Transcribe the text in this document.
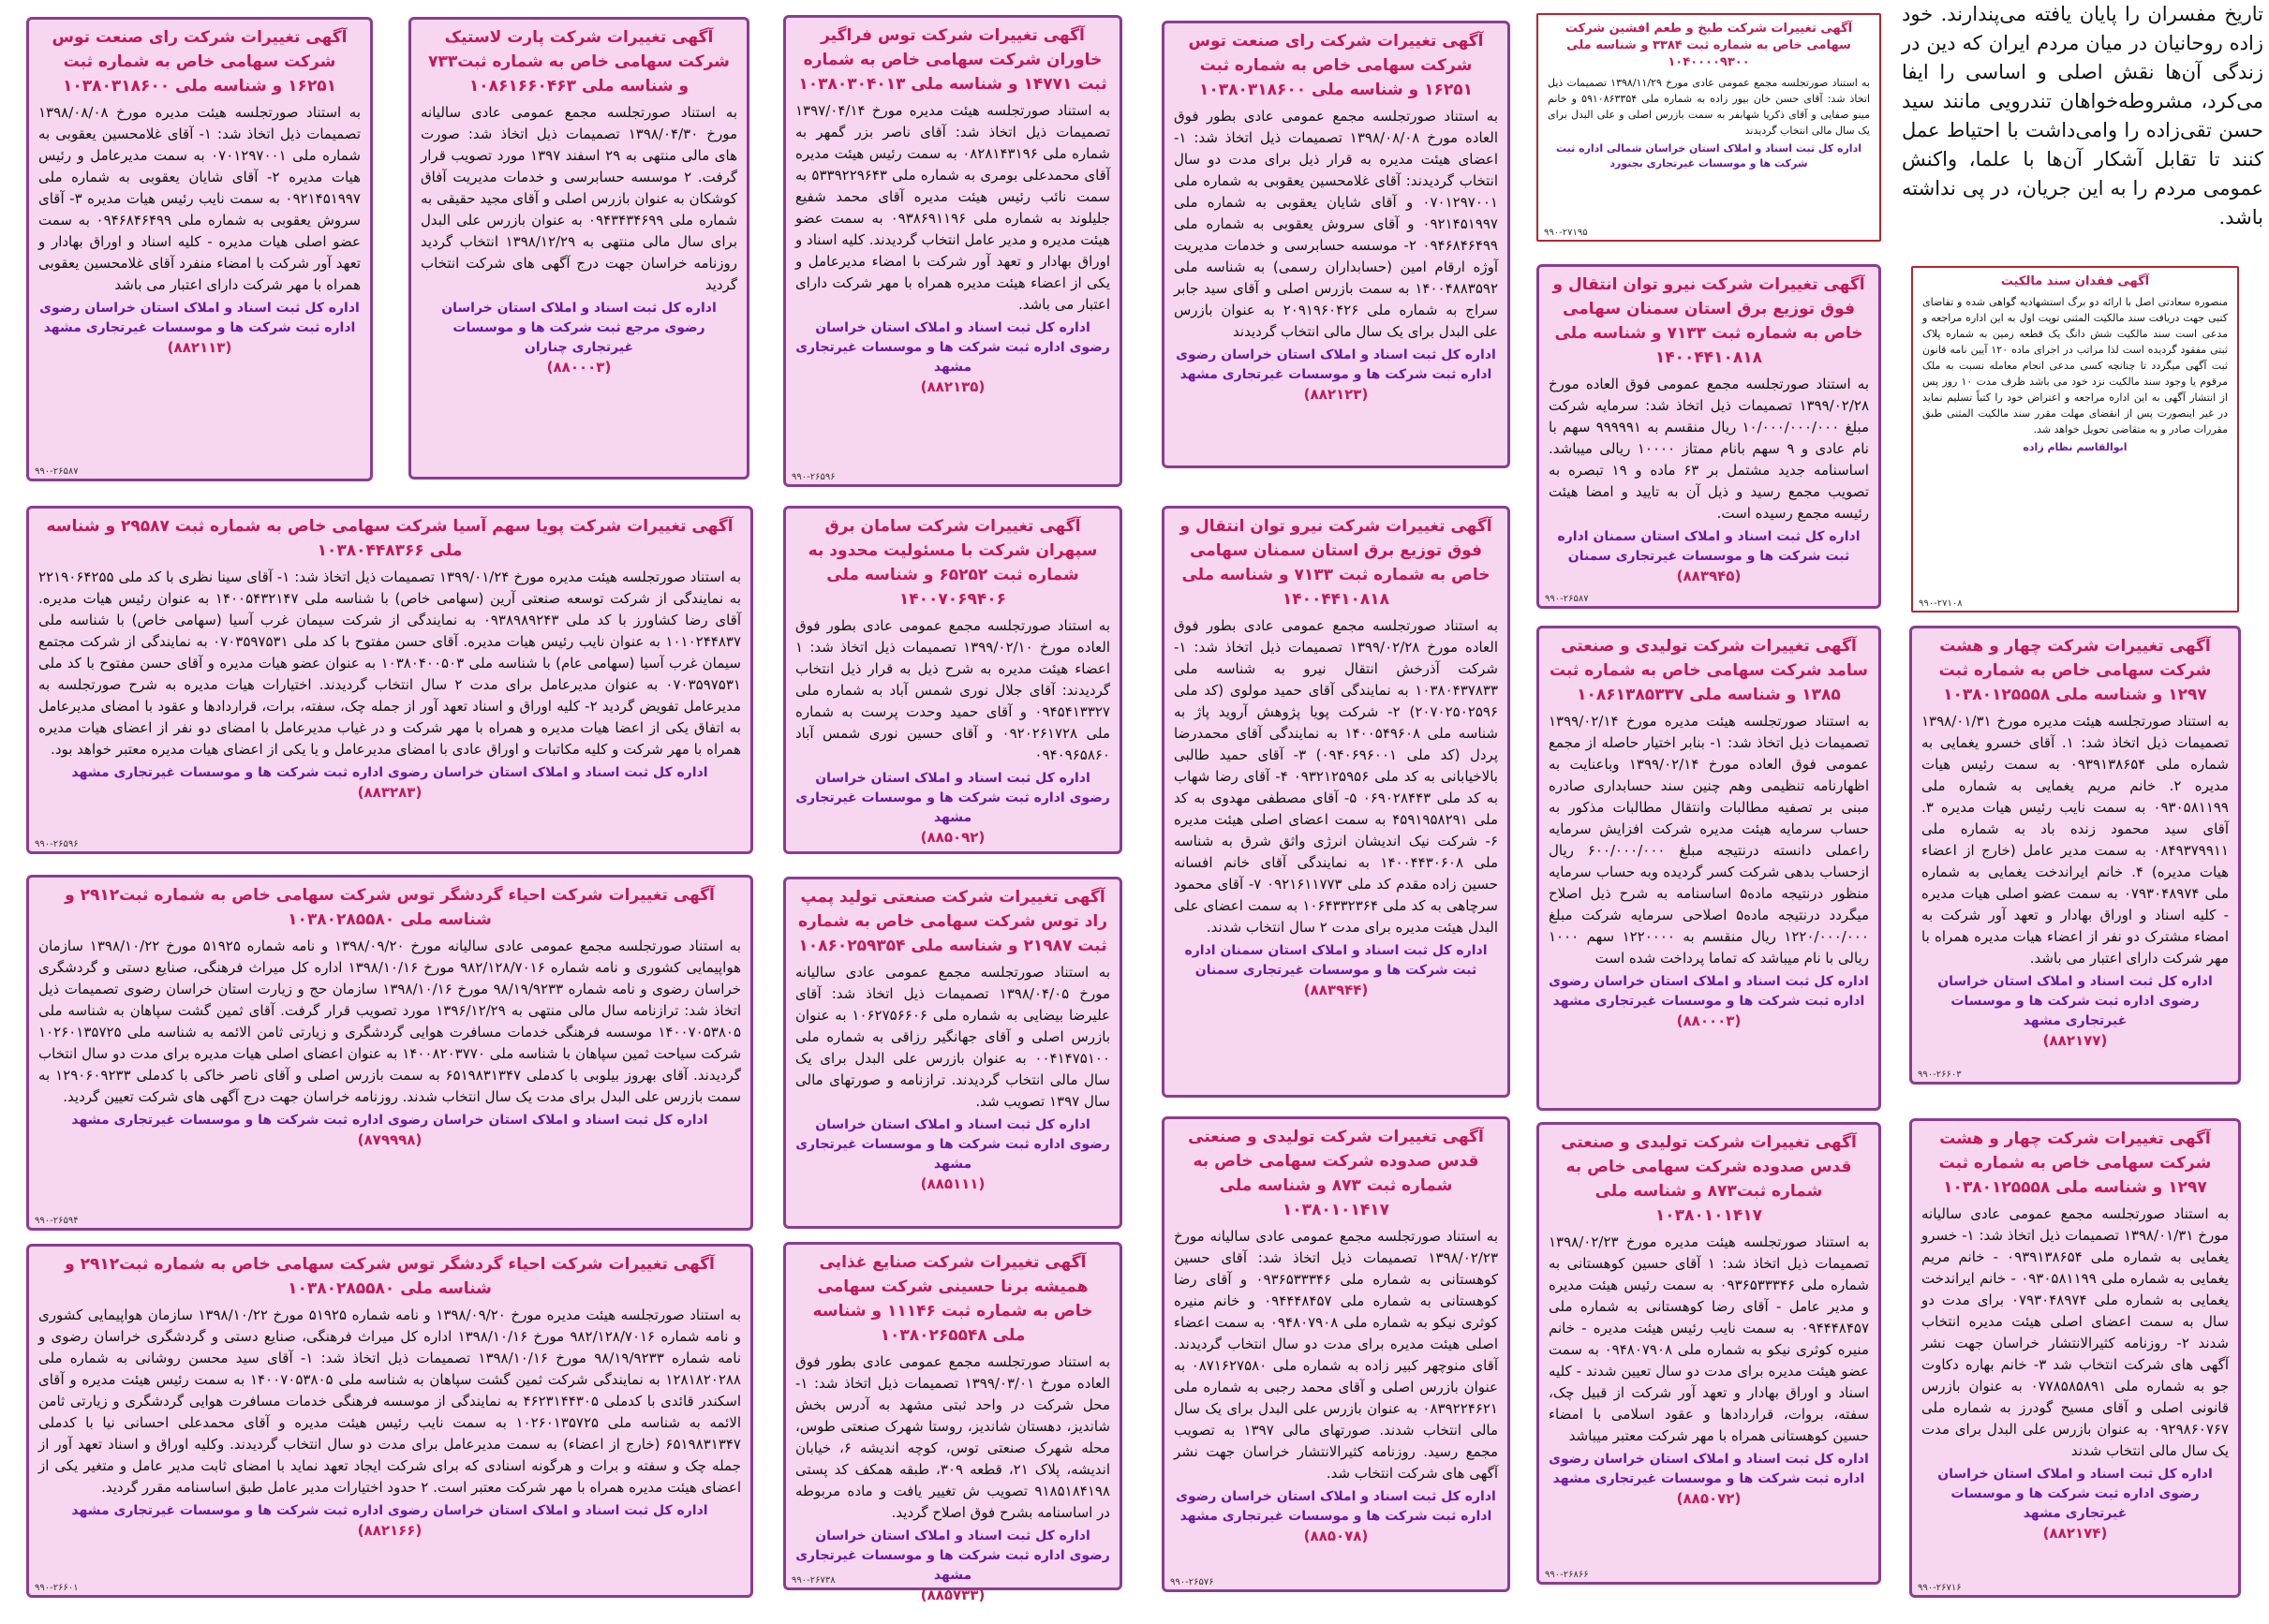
تاریخ مفسران را پایان یافته می‌پندارند. خود زاده روحانیان در میان مردم ایران که دین در زندگی آن‌ها نقش اصلی و اساسی را ایفا می‌کرد، مشروطه‌خواهان تندرویی مانند سید حسن تقی‌زاده را وامی‌داشت با احتیاط عمل کنند تا تقابل آشکار آن‌ها با علما، واکنش عمومی مردم را به این جریان، در پی نداشته باشد.
آگهی تغییرات شرکت چهار و هشت شرکت سهامی خاص به شماره ثبت ۱۲۹۷ و شناسه ملی ۱۰۳۸۰۱۲۵۵۵۸
به استناد صورتجلسه هیئت مدیره مورخ ۱۳۹۸/۰۱/۳۱ تصمیمات ذیل اتخاذ شد: ۱. آقای خسرو یغمایی به شماره ملی ۰۹۳۹۱۳۸۶۵۴ به سمت رئیس هیات مدیره ۲. خانم مریم یغمایی به شماره ملی ۰۹۳۰۵۸۱۱۹۹ به سمت نایب رئیس هیات مدیره ۳. آقای سید محمود زنده باد به شماره ملی ۰۸۴۹۳۷۹۹۱۱ به سمت مدیر عامل (خارج از اعضاء هیات مدیره) ۴. خانم ایراندخت یغمایی به شماره ملی ۰۷۹۳۰۴۸۹۷۴ به سمت عضو اصلی هیات مدیره - کلیه اسناد و اوراق بهادار و تعهد آور شرکت به امضاء مشترک دو نفر از اعضاء هیات مدیره همراه با مهر شرکت دارای اعتبار می باشد.
اداره کل ثبت اسناد و املاک استان خراسان رضوی اداره ثبت شرکت ها و موسسات غیرتجاری مشهد
(۸۸۲۱۷۷)
۹۹۰-۲۶۶۰۳
آگهی تغییرات شرکت چهار و هشت شرکت سهامی خاص به شماره ثبت ۱۲۹۷ و شناسه ملی ۱۰۳۸۰۱۲۵۵۵۸
به استناد صورتجلسه مجمع عمومی عادی سالیانه مورخ ۱۳۹۸/۰۱/۳۱ تصمیمات ذیل اتخاذ شد: ۱- خسرو یغمایی به شماره ملی ۰۹۳۹۱۳۸۶۵۴ - خانم مریم یغمایی به شماره ملی ۰۹۳۰۵۸۱۱۹۹ - خانم ایراندخت یغمایی به شماره ملی ۰۷۹۳۰۴۸۹۷۴ برای مدت دو سال به سمت اعضای اصلی هیئت مدیره انتخاب شدند ۲- روزنامه کثیرالانتشار خراسان جهت نشر آگهی های شرکت انتخاب شد ۳- خانم بهاره دکاوت جو به شماره ملی ۰۷۷۸۵۸۵۸۹۱ به عنوان بازرس قانونی اصلی و آقای مسیح گودرز به شماره ملی ۰۹۲۹۸۶۰۷۶۷ به عنوان بازرس علی البدل برای مدت یک سال مالی انتخاب شدند
اداره کل ثبت اسناد و املاک استان خراسان رضوی اداره ثبت شرکت ها و موسسات غیرتجاری مشهد
(۸۸۲۱۷۴)
۹۹۰-۲۶۷۱۶
آگهی فقدان سند مالکیت
منصوره سعادتی اصل با ارائه دو برگ استشهادیه گواهی شده و تقاضای کتبی جهت دریافت سند مالکیت المثنی توپت اول به این اداره مراجعه و مدعی است سند مالکیت شش دانگ یک قطعه زمین به شماره پلاک ثبتی مفقود گردیده است لذا مراتب در اجرای ماده ۱۲۰ آیین نامه قانون ثبت آگهی میگردد تا چنانچه کسی مدعی انجام معامله نسبت به ملک مرقوم یا وجود سند مالکیت نزد خود می باشد ظرف مدت ۱۰ روز پس از انتشار آگهی به این اداره مراجعه و اعتراض خود را کتباً تسلیم نماید در غیر اینصورت پس از انقضای مهلت مقرر سند مالکیت المثنی طبق مقررات صادر و به متقاضی تحویل خواهد شد.
ابوالقاسم نظام زاده
۹۹۰-۲۷۱۰۸
آگهی تغییرات شرکت طبخ و طعم افشین شرکت سهامی خاص به شماره ثبت ۳۳۸۴ و شناسه ملی ۱۰۴۰۰۰۰۹۳۰۰
به استناد صورتجلسه مجمع عمومی عادی مورخ ۱۳۹۸/۱۱/۲۹ تصمیمات ذیل اتخاذ شد: آقای حسن خان بیور زاده به شماره ملی ۵۹۱۰۸۶۳۳۵۴ و خانم مینو صفایی و آقای ذکریا شهابفر به سمت بازرس اصلی و علی البدل برای یک سال مالی انتخاب گردیدند
اداره کل ثبت اسناد و املاک استان خراسان شمالی اداره ثبت شرکت ها و موسسات غیرتجاری بجنورد
۹۹۰-۲۷۱۹۵
آگهی تغییرات شرکت نیرو توان انتقال و فوق توزیع برق استان سمنان سهامی خاص به شماره ثبت ۷۱۳۳ و شناسه ملی ۱۴۰۰۴۴۱۰۸۱۸
به استناد صورتجلسه مجمع عمومی فوق العاده مورخ ۱۳۹۹/۰۲/۲۸ تصمیمات ذیل اتخاذ شد: سرمایه شرکت مبلغ ۱۰/۰۰۰/۰۰۰/۰۰۰ ریال منقسم به ۹۹۹۹۹۱ سهم با نام عادی و ۹ سهم بانام ممتاز ۱۰۰۰۰ ریالی میباشد. اساسنامه جدید مشتمل بر ۶۳ ماده و ۱۹ تبصره به تصویب مجمع رسید و ذیل آن به تایید و امضا هیئت رئیسه مجمع رسیده است.
اداره کل ثبت اسناد و املاک استان سمنان اداره ثبت شرکت ها و موسسات غیرتجاری سمنان
(۸۸۳۹۴۵)
۹۹۰-۲۶۵۸۷
آگهی تغییرات شرکت تولیدی و صنعتی سامد شرکت سهامی خاص به شماره ثبت ۱۳۸۵ و شناسه ملی ۱۰۸۶۱۳۸۵۳۳۷
به استناد صورتجلسه هیئت مدیره مورخ ۱۳۹۹/۰۲/۱۴ تصمیمات ذیل اتخاذ شد: ۱- بنابر اختیار حاصله از مجمع عمومی فوق العاده مورخ ۱۳۹۹/۰۲/۱۴ وباعنایت به اظهارنامه تنظیمی وهم چنین سند حسابداری صادره مبنی بر تصفیه مطالبات وانتقال مطالبات مذکور به حساب سرمایه هیئت مدیره شرکت افزایش سرمایه راعملی دانسته درنتیجه مبلغ ۶۰۰/۰۰۰/۰۰۰ ریال ازحساب بدهی شرکت کسر گردیده وبه حساب سرمایه منظور درنتیجه ماده۵ اساسنامه به شرح ذیل اصلاح میگردد درنتیجه ماده۵ اصلاحی سرمایه شرکت مبلغ ۱۲۲۰/۰۰۰/۰۰۰ ریال منقسم به ۱۲۲۰۰۰۰ سهم ۱۰۰۰ ریالی با نام میباشد که تماما پرداخت شده است
اداره کل ثبت اسناد و املاک استان خراسان رضوی اداره ثبت شرکت ها و موسسات غیرتجاری مشهد
(۸۸۰۰۰۳)
آگهی تغییرات شرکت تولیدی و صنعتی قدس صدوده شرکت سهامی خاص به شماره ثبت۸۷۳ و شناسه ملی ۱۰۳۸۰۱۰۱۴۱۷
به استناد صورتجلسه هیئت مدیره مورخ ۱۳۹۸/۰۲/۲۳ تصمیمات ذیل اتخاذ شد: ۱ آقای حسین کوهستانی به شماره ملی ۰۹۳۶۵۳۳۳۴۶ به سمت رئیس هیئت مدیره و مدیر عامل - آقای رضا کوهستانی به شماره ملی ۰۹۴۴۴۸۴۵۷ به سمت نایب رئیس هیئت مدیره - خانم منیره کوثری نیکو به شماره ملی ۰۹۴۸۰۷۹۰۸ به سمت عضو هیئت مدیره برای مدت دو سال تعیین شدند - کلیه اسناد و اوراق بهادار و تعهد آور شرکت از قبیل چک، سفته، بروات، قراردادها و عقود اسلامی با امضاء حسین کوهستانی همراه با مهر شرکت معتبر میباشد
اداره کل ثبت اسناد و املاک استان خراسان رضوی اداره ثبت شرکت ها و موسسات غیرتجاری مشهد
(۸۸۵۰۷۲)
۹۹۰-۲۶۸۶۶
آگهی تغییرات شرکت رای صنعت توس شرکت سهامی خاص به شماره ثبت ۱۶۲۵۱ و شناسه ملی ۱۰۳۸۰۳۱۸۶۰۰
به استناد صورتجلسه مجمع عمومی عادی بطور فوق العاده مورخ ۱۳۹۸/۰۸/۰۸ تصمیمات ذیل اتخاذ شد: ۱- اعضای هیئت مدیره به قرار ذیل برای مدت دو سال انتخاب گردیدند: آقای غلامحسین یعقوبی به شماره ملی ۰۷۰۱۲۹۷۰۰۱ و آقای شایان یعقوبی به شماره ملی ۰۹۲۱۴۵۱۹۹۷ و آقای سروش یعقوبی به شماره ملی ۰۹۴۶۸۴۶۴۹۹ ۲- موسسه حسابرسی و خدمات مدیریت آوژه ارقام امین (حسابداران رسمی) به شناسه ملی ۱۴۰۰۴۸۸۳۵۹۲ به سمت بازرس اصلی و آقای سید جابر سراج به شماره ملی ۲۰۹۱۹۶۰۴۲۶ به عنوان بازرس علی البدل برای یک سال مالی انتخاب گردیدند
اداره کل ثبت اسناد و املاک استان خراسان رضوی اداره ثبت شرکت ها و موسسات غیرتجاری مشهد
(۸۸۲۱۲۳)
آگهی تغییرات شرکت نیرو توان انتقال و فوق توزیع برق استان سمنان سهامی خاص به شماره ثبت ۷۱۳۳ و شناسه ملی ۱۴۰۰۴۴۱۰۸۱۸
به استناد صورتجلسه مجمع عمومی عادی بطور فوق العاده مورخ ۱۳۹۹/۰۲/۲۸ تصمیمات ذیل اتخاذ شد: ۱- شرکت آذرخش انتقال نیرو به شناسه ملی ۱۰۳۸۰۴۳۷۸۳۳ به نمایندگی آقای حمید مولوی (کد ملی ۲۰۷۰۲۵۰۲۵۹۶) ۲- شرکت پویا پژوهش آروید پاژ به شناسه ملی ۱۴۰۰۵۴۹۶۰۸ به نمایندگی آقای محمدرضا پردل (کد ملی ۰۹۴۰۶۹۶۰۰۱) ۳- آقای حمید طالبی بالاخیابانی به کد ملی ۰۹۳۲۱۲۵۹۵۶ ۴- آقای رضا شهاب به کد ملی ۰۶۹۰۲۸۴۴۳ ۵- آقای مصطفی مهدوی به کد ملی ۴۵۹۱۹۵۸۲۹۱ به سمت اعضای اصلی هیئت مدیره ۶- شرکت نیک اندیشان انرژی واثق شرق به شناسه ملی ۱۴۰۰۴۴۳۰۶۰۸ به نمایندگی آقای خانم افسانه حسین زاده مقدم کد ملی ۰۹۲۱۶۱۱۷۷۳ ۷- آقای محمود سرچاهی به کد ملی ۱۰۶۴۳۳۲۳۶۴ به سمت اعضای علی البدل هیئت مدیره برای مدت ۲ سال انتخاب شدند.
اداره کل ثبت اسناد و املاک استان سمنان اداره ثبت شرکت ها و موسسات غیرتجاری سمنان
(۸۸۳۹۴۴)
آگهی تغییرات شرکت تولیدی و صنعتی قدس صدوده شرکت سهامی خاص به شماره ثبت ۸۷۳ و شناسه ملی ۱۰۳۸۰۱۰۱۴۱۷
به استناد صورتجلسه مجمع عمومی عادی سالیانه مورخ ۱۳۹۸/۰۲/۲۳ تصمیمات ذیل اتخاذ شد: آقای حسین کوهستانی به شماره ملی ۰۹۳۶۵۳۳۳۴۶ و آقای رضا کوهستانی به شماره ملی ۰۹۴۴۴۸۴۵۷ و خانم منیره کوثری نیکو به شماره ملی ۰۹۴۸۰۷۹۰۸ به سمت اعضاء اصلی هیئت مدیره برای مدت دو سال انتخاب گردیدند. آقای منوچهر کبیر زاده به شماره ملی ۰۸۷۱۶۲۷۵۸۰ به عنوان بازرس اصلی و آقای محمد رجبی به شماره ملی ۰۸۳۹۲۲۴۶۲۱ به عنوان بازرس علی البدل برای یک سال مالی انتخاب شدند. صورتهای مالی ۱۳۹۷ به تصویب مجمع رسید. روزنامه کثیرالانتشار خراسان جهت نشر آگهی های شرکت انتخاب شد.
اداره کل ثبت اسناد و املاک استان خراسان رضوی اداره ثبت شرکت ها و موسسات غیرتجاری مشهد
(۸۸۵۰۷۸)
۹۹۰-۲۶۵۷۶
آگهی تغییرات شرکت توس فراگیر خاوران شرکت سهامی خاص به شماره ثبت ۱۴۷۷۱ و شناسه ملی ۱۰۳۸۰۳۰۴۰۱۳
به استناد صورتجلسه هیئت مدیره مورخ ۱۳۹۷/۰۴/۱۴ تصمیمات ذیل اتخاذ شد: آقای ناصر بزر گمهر به شماره ملی ۰۸۲۸۱۴۳۱۹۶ به سمت رئیس هیئت مدیره آقای محمدعلی بومری به شماره ملی ۵۳۳۹۲۲۹۶۴۳ به سمت نائب رئیس هیئت مدیره آقای محمد شفیع جلیلوند به شماره ملی ۰۹۳۸۶۹۱۱۹۶ به سمت عضو هیئت مدیره و مدیر عامل انتخاب گردیدند. کلیه اسناد و اوراق بهادار و تعهد آور شرکت با امضاء مدیرعامل و یکی از اعضاء هیئت مدیره همراه با مهر شرکت دارای اعتبار می باشد.
اداره کل ثبت اسناد و املاک استان خراسان رضوی اداره ثبت شرکت ها و موسسات غیرتجاری مشهد
(۸۸۲۱۳۵)
۹۹۰-۲۶۵۹۶
آگهی تغییرات شرکت سامان برق سپهران شرکت با مسئولیت محدود به شماره ثبت ۶۵۲۵۲ و شناسه ملی ۱۴۰۰۷۰۶۹۴۰۶
به استناد صورتجلسه مجمع عمومی عادی بطور فوق العاده مورخ ۱۳۹۹/۰۲/۱۰ تصمیمات ذیل اتخاذ شد: ۱ اعضاء هیئت مدیره به شرح ذیل به قرار ذیل انتخاب گردیدند: آقای جلال نوری شمس آباد به شماره ملی ۰۹۴۵۴۱۳۳۲۷ و آقای حمید وحدت پرست به شماره ملی ۰۹۲۰۲۶۱۷۲۸ و آقای حسین نوری شمس آباد ۰۹۴۰۹۶۵۸۶۰
اداره کل ثبت اسناد و املاک استان خراسان رضوی اداره ثبت شرکت ها و موسسات غیرتجاری مشهد
(۸۸۵۰۹۲)
آگهی تغییرات شرکت صنعتی تولید پمپ راد توس شرکت سهامی خاص به شماره ثبت ۲۱۹۸۷ و شناسه ملی ۱۰۸۶۰۲۵۹۳۵۴
به استناد صورتجلسه مجمع عمومی عادی سالیانه مورخ ۱۳۹۸/۰۴/۰۵ تصمیمات ذیل اتخاذ شد: آقای علیرضا بیضایی به شماره ملی ۱۰۶۲۷۵۶۶۰۶ به عنوان بازرس اصلی و آقای جهانگیر رزاقی به شماره ملی ۰۰۴۱۴۷۵۱۰۰ به عنوان بازرس علی البدل برای یک سال مالی انتخاب گردیدند. ترازنامه و صورتهای مالی سال ۱۳۹۷ تصویب شد.
اداره کل ثبت اسناد و املاک استان خراسان رضوی اداره ثبت شرکت ها و موسسات غیرتجاری مشهد
(۸۸۵۱۱۱)
آگهی تغییرات شرکت صنایع غذایی همیشه برنا حسینی شرکت سهامی خاص به شماره ثبت ۱۱۱۴۶ و شناسه ملی ۱۰۳۸۰۲۶۵۵۴۸
به استناد صورتجلسه مجمع عمومی عادی بطور فوق العاده مورخ ۱۳۹۹/۰۳/۰۱ تصمیمات ذیل اتخاذ شد: ۱- محل شرکت در واحد ثبتی مشهد به آدرس بخش شاندیز، دهستان شاندیز، روستا شهرک صنعتی طوس، محله شهرک صنعتی توس، کوچه اندیشه ۶، خیابان اندیشه، پلاک ۲۱، قطعه ۳۰۹، طبقه همکف کد پستی ۹۱۸۵۱۸۴۱۹۸ تصویب ش تغییر یافت و ماده مربوطه در اساسنامه بشرح فوق اصلاح گردید.
اداره کل ثبت اسناد و املاک استان خراسان رضوی اداره ثبت شرکت ها و موسسات غیرتجاری مشهد
(۸۸۵۷۳۳)
۹۹۰-۲۶۷۳۸
آگهی تغییرات شرکت پارت لاستیک شرکت سهامی خاص به شماره ثبت۷۳۳ و شناسه ملی ۱۰۸۶۱۶۶۰۴۶۳
به استناد صورتجلسه مجمع عمومی عادی سالیانه مورخ ۱۳۹۸/۰۴/۳۰ تصمیمات ذیل اتخاذ شد: صورت های مالی منتهی به ۲۹ اسفند ۱۳۹۷ مورد تصویب قرار گرفت. ۲ موسسه حسابرسی و خدمات مدیریت آفاق کوشکان به عنوان بازرس اصلی و آقای مجید حقیقی به شماره ملی ۰۹۴۳۴۳۴۶۹۹ به عنوان بازرس علی البدل برای سال مالی منتهی به ۱۳۹۸/۱۲/۲۹ انتخاب گردید روزنامه خراسان جهت درج آگهی های شرکت انتخاب گردید
اداره کل ثبت اسناد و املاک استان خراسان رضوی مرجع ثبت شرکت ها و موسسات غیرتجاری چناران
(۸۸۰۰۰۳)
آگهی تغییرات شرکت رای صنعت توس شرکت سهامی خاص به شماره ثبت ۱۶۲۵۱ و شناسه ملی ۱۰۳۸۰۳۱۸۶۰۰
به استناد صورتجلسه هیئت مدیره مورخ ۱۳۹۸/۰۸/۰۸ تصمیمات ذیل اتخاذ شد: ۱- آقای غلامحسین یعقوبی به شماره ملی ۰۷۰۱۲۹۷۰۰۱ به سمت مدیرعامل و رئیس هیات مدیره ۲- آقای شایان یعقوبی به شماره ملی ۰۹۲۱۴۵۱۹۹۷ به سمت نایب رئیس هیات مدیره ۳- آقای سروش یعقوبی به شماره ملی ۰۹۴۶۸۴۶۴۹۹ به سمت عضو اصلی هیات مدیره - کلیه اسناد و اوراق بهادار و تعهد آور شرکت با امضاء منفرد آقای غلامحسین یعقوبی همراه با مهر شرکت دارای اعتبار می باشد
اداره کل ثبت اسناد و املاک استان خراسان رضوی اداره ثبت شرکت ها و موسسات غیرتجاری مشهد
(۸۸۲۱۱۳)
۹۹۰-۲۶۵۸۷
آگهی تغییرات شرکت پویا سهم آسیا شرکت سهامی خاص به شماره ثبت ۲۹۵۸۷ و شناسه ملی ۱۰۳۸۰۴۴۸۳۶۶
به استناد صورتجلسه هیئت مدیره مورخ ۱۳۹۹/۰۱/۲۴ تصمیمات ذیل اتخاذ شد: ۱- آقای سینا نظری با کد ملی ۲۲۱۹۰۶۴۲۵۵ به نمایندگی از شرکت توسعه صنعتی آرین (سهامی خاص) با شناسه ملی ۱۴۰۰۵۴۳۲۱۴۷ به عنوان رئیس هیات مدیره. آقای رضا کشاورز با کد ملی ۰۹۳۸۹۸۹۲۴۳ به نمایندگی از شرکت سیمان غرب آسیا (سهامی خاص) با شناسه ملی ۱۰۱۰۲۴۴۸۳۷ به عنوان نایب رئیس هیات مدیره. آقای حسن مفتوح با کد ملی ۰۷۰۳۵۹۷۵۳۱ به نمایندگی از شرکت مجتمع سیمان غرب آسیا (سهامی عام) با شناسه ملی ۱۰۳۸۰۴۰۰۵۰۳ به عنوان عضو هیات مدیره و آقای حسن مفتوح با کد ملی ۰۷۰۳۵۹۷۵۳۱ به عنوان مدیرعامل برای مدت ۲ سال انتخاب گردیدند. اختیارات هیات مدیره به شرح صورتجلسه به مدیرعامل تفویض گردید ۲- کلیه اوراق و اسناد تعهد آور از جمله چک، سفته، برات، قراردادها و عقود با امضای مدیرعامل به اتفاق یکی از اعضا هیات مدیره و همراه با مهر شرکت و در غیاب مدیرعامل با امضای دو نفر از اعضای هیات مدیره همراه با مهر شرکت و کلیه مکاتبات و اوراق عادی با امضای مدیرعامل و یا یکی از اعضای هیات مدیره معتبر خواهد بود.
اداره کل ثبت اسناد و املاک استان خراسان رضوی اداره ثبت شرکت ها و موسسات غیرتجاری مشهد
(۸۸۳۲۸۳)
۹۹۰-۲۶۵۹۶
آگهی تغییرات شرکت احیاء گردشگر توس شرکت سهامی خاص به شماره ثبت۲۹۱۲ و شناسه ملی ۱۰۳۸۰۲۸۵۵۸۰
به استناد صورتجلسه مجمع عمومی عادی سالیانه مورخ ۱۳۹۸/۰۹/۲۰ و نامه شماره ۵۱۹۲۵ مورخ ۱۳۹۸/۱۰/۲۲ سازمان هواپیمایی کشوری و نامه شماره ۹۸۲/۱۲۸/۷۰۱۶ مورخ ۱۳۹۸/۱۰/۱۶ اداره کل میراث فرهنگی، صنایع دستی و گردشگری خراسان رضوی و نامه شماره ۹۸/۱۹/۹۲۳۳ مورخ ۱۳۹۸/۱۰/۱۶ سازمان حج و زیارت استان خراسان رضوی تصمیمات ذیل اتخاذ شد: ترازنامه سال مالی منتهی به ۱۳۹۶/۱۲/۲۹ مورد تصویب قرار گرفت. آقای ثمین گشت سپاهان به شناسه ملی ۱۴۰۰۷۰۵۳۸۰۵ موسسه فرهنگی خدمات مسافرت هوایی گردشگری و زیارتی ثامن الائمه به شناسه ملی ۱۰۲۶۰۱۳۵۷۲۵ شرکت سیاحت ثمین سپاهان با شناسه ملی ۱۴۰۰۸۲۰۳۷۷۰ به عنوان اعضای اصلی هیات مدیره برای مدت دو سال انتخاب گردیدند. آقای بهروز بیلوبی با کدملی ۶۵۱۹۸۳۱۳۴۷ به سمت بازرس اصلی و آقای ناصر خاکی با کدملی ۱۲۹۰۶۰۹۲۳۳ به سمت بازرس علی البدل برای مدت یک سال انتخاب شدند. روزنامه خراسان جهت درج آگهی های شرکت تعیین گردید.
اداره کل ثبت اسناد و املاک استان خراسان رضوی اداره ثبت شرکت ها و موسسات غیرتجاری مشهد
(۸۷۹۹۹۸)
۹۹۰-۲۶۵۹۴
آگهی تغییرات شرکت احیاء گردشگر توس شرکت سهامی خاص به شماره ثبت۲۹۱۲ و شناسه ملی ۱۰۳۸۰۲۸۵۵۸۰
به استناد صورتجلسه هیئت مدیره مورخ ۱۳۹۸/۰۹/۲۰ و نامه شماره ۵۱۹۲۵ مورخ ۱۳۹۸/۱۰/۲۲ سازمان هواپیمایی کشوری و نامه شماره ۹۸۲/۱۲۸/۷۰۱۶ مورخ ۱۳۹۸/۱۰/۱۶ اداره کل میراث فرهنگی، صنایع دستی و گردشگری خراسان رضوی و نامه شماره ۹۸/۱۹/۹۲۳۳ مورخ ۱۳۹۸/۱۰/۱۶ تصمیمات ذیل اتخاذ شد: ۱- آقای سید محسن روشانی به شماره ملی ۱۲۸۱۸۲۰۲۸۸ به نمایندگی شرکت ثمین گشت سپاهان به شناسه ملی ۱۴۰۰۷۰۵۳۸۰۵ به سمت رئیس هیئت مدیره و آقای اسکندر قائدی با کدملی ۴۶۲۳۱۴۴۳۰۵ به نمایندگی از موسسه فرهنگی خدمات مسافرت هوایی گردشگری و زیارتی ثامن الائمه به شناسه ملی ۱۰۲۶۰۱۳۵۷۲۵ به سمت نایب رئیس هیئت مدیره و آقای محمدعلی احسانی نیا با کدملی ۶۵۱۹۸۳۱۳۴۷ (خارج از اعضاء) به سمت مدیرعامل برای مدت دو سال انتخاب گردیدند. وکلیه اوراق و اسناد تعهد آور از جمله چک و سفته و برات و هرگونه اسنادی که برای شرکت ایجاد تعهد نماید با امضای ثابت مدیر عامل و متغیر یکی از اعضای هیئت مدیره همراه با مهر شرکت معتبر است. ۲ حدود اختیارات مدیر عامل طبق اساسنامه مقرر گردید.
اداره کل ثبت اسناد و املاک استان خراسان رضوی اداره ثبت شرکت ها و موسسات غیرتجاری مشهد
(۸۸۲۱۶۶)
۹۹۰-۲۶۶۰۱
